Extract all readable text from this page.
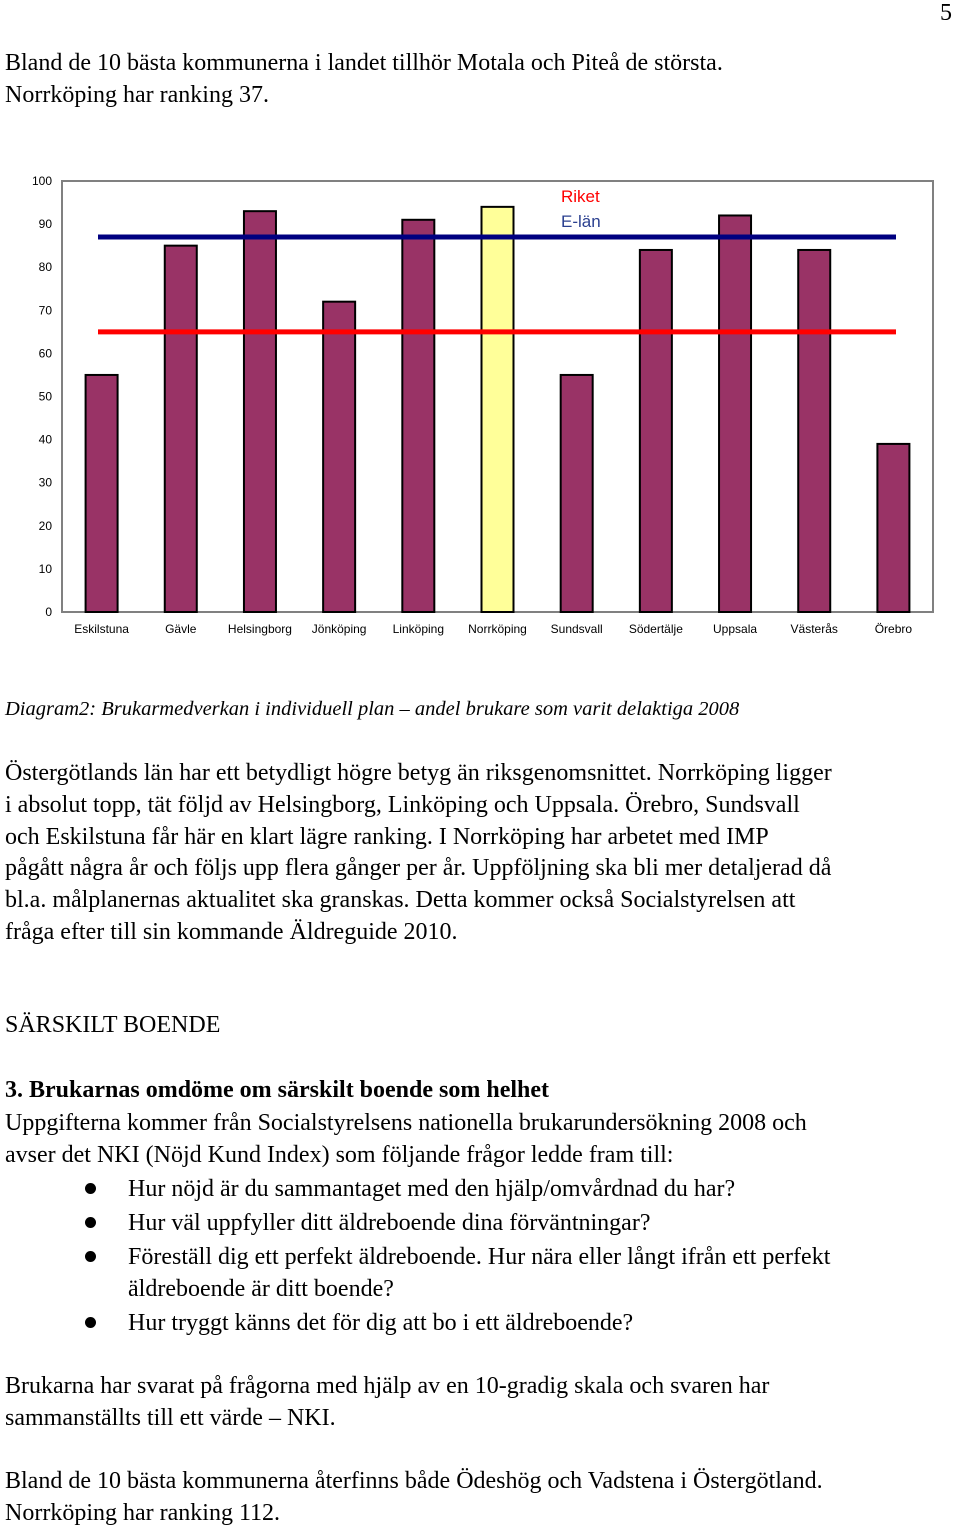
5

Bland de 10 bästa kommunerna i landet tillhör Motala och Piteå de största.

Norrköping har ranking 37.

0
10
20
30
40
50
60
70
80
90
100
Eskilstuna	Gävle	Helsingborg Jönköping Linköping Norrköping Sundsvall Södertälje	Uppsala	Västerås	Örebro
Riket
E-län
Diagram2: Brukarmedverkan i individuell plan – andel brukare som varit delaktiga 2008

Östergötlands län har ett betydligt högre betyg än riksgenomsnittet. Norrköping ligger

i absolut topp, tät följd av Helsingborg, Linköping och Uppsala. Örebro, Sundsvall

och Eskilstuna får här en klart lägre ranking. I Norrköping har arbetet med IMP

pågått några år och följs upp flera gånger per år. Uppföljning ska bli mer detaljerad då

bl.a. målplanernas aktualitet ska granskas. Detta kommer också Socialstyrelsen att

fråga efter till sin kommande Äldreguide 2010.

SÄRSKILT BOENDE
3. Brukarnas omdöme om särskilt boende som helhet

Uppgifterna kommer från Socialstyrelsens nationella brukarundersökning 2008 och

avser det NKI (Nöjd Kund Index) som följande frågor ledde fram till:

Hur nöjd är du sammantaget med den hjälp/omvårdnad du har?
Hur väl uppfyller ditt äldreboende dina förväntningar?
Föreställ dig ett perfekt äldreboende. Hur nära eller långt ifrån ett perfekt äldreboende är ditt boende?
Hur tryggt känns det för dig att bo i ett äldreboende?

Brukarna har svarat på frågorna med hjälp av en 10-gradig skala och svaren har

sammanställts till ett värde – NKI.

Bland de 10 bästa kommunerna återfinns både Ödeshög och Vadstena i Östergötland.

Norrköping har ranking 112.
